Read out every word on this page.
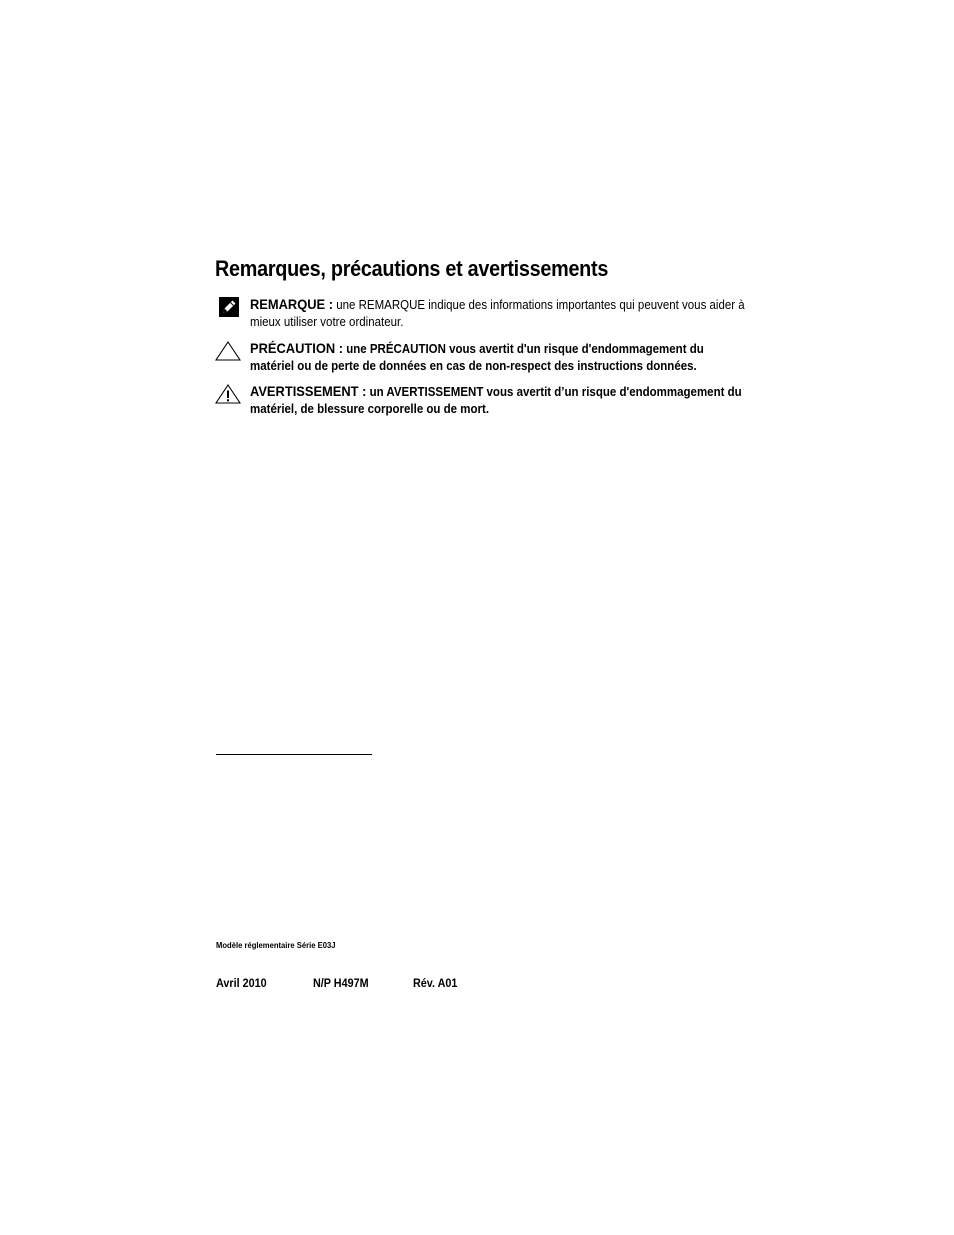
Remarques, précautions et avertissements
REMARQUE : une REMARQUE indique des informations importantes qui peuvent vous aider à mieux utiliser votre ordinateur.
PRÉCAUTION : une PRÉCAUTION vous avertit d'un risque d'endommagement du matériel ou de perte de données en cas de non-respect des instructions données.
AVERTISSEMENT : un AVERTISSEMENT vous avertit d’un risque d'endommagement du matériel, de blessure corporelle ou de mort.
Modèle réglementaire Série E03J
Avril 2010	N/P H497M	Rév. A01
